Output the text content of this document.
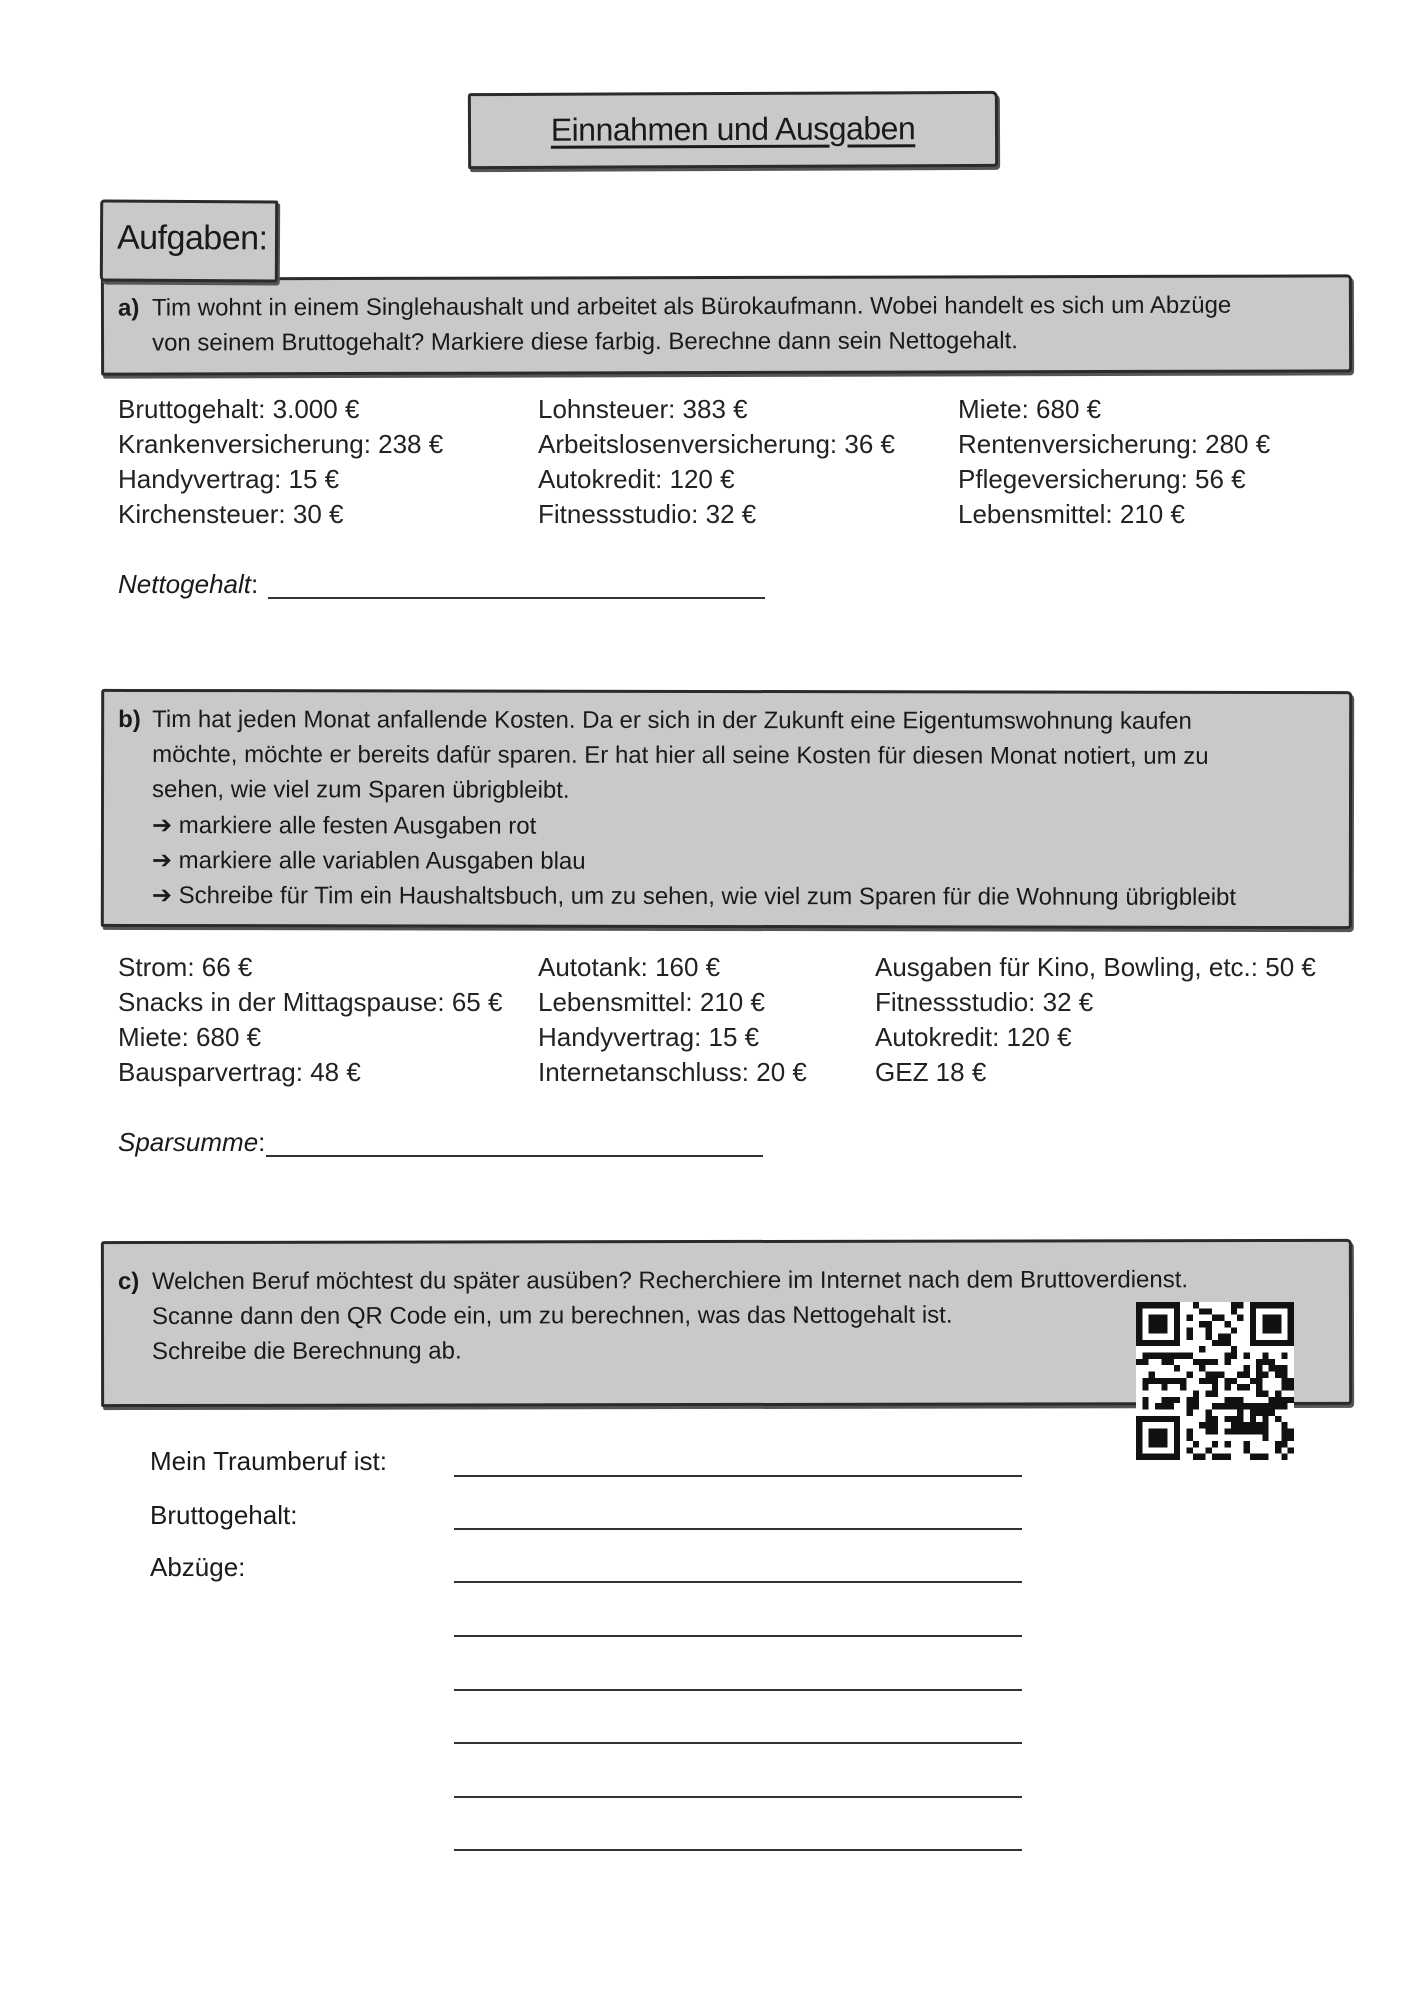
Einnahmen und Ausgaben
Aufgaben:
a) Tim wohnt in einem Singlehaushalt und arbeitet als Bürokaufmann. Wobei handelt es sich um Abzüge
von seinem Bruttogehalt? Markiere diese farbig. Berechne dann sein Nettogehalt.
Bruttogehalt: 3.000 €	Lohnsteuer: 383 €	Miete: 680 €
Krankenversicherung: 238 €	Arbeitslosenversicherung: 36 € Rentenversicherung: 280 €
Handyvertrag: 15 €	Autokredit: 120 €	Pflegeversicherung: 56 €
Kirchensteuer: 30 €	Fitnessstudio: 32 €	Lebensmittel: 210 €
Nettogehalt:
b) Tim hat jeden Monat anfallende Kosten. Da er sich in der Zukunft eine Eigentumswohnung kaufen
möchte, möchte er bereits dafür sparen. Er hat hier all seine Kosten für diesen Monat notiert, um zu
sehen, wie viel zum Sparen übrigbleibt.
➔ markiere alle festen Ausgaben rot
➔ markiere alle variablen Ausgaben blau
➔ Schreibe für Tim ein Haushaltsbuch, um zu sehen, wie viel zum Sparen für die Wohnung übrigbleibt
Strom: 66 €	Autotank: 160 €	Ausgaben für Kino, Bowling, etc.: 50 €
Snacks in der Mittagspause: 65 € Lebensmittel: 210 €	Fitnessstudio: 32 €
Miete: 680 €	Handyvertrag: 15 €	Autokredit: 120 €
Bausparvertrag: 48 €	Internetanschluss: 20 €	GEZ 18 €
Sparsumme:
c) Welchen Beruf möchtest du später ausüben? Recherchiere im Internet nach dem Bruttoverdienst.
Scanne dann den QR Code ein, um zu berechnen, was das Nettogehalt ist.
Schreibe die Berechnung ab.
Mein Traumberuf ist:
Bruttogehalt:
Abzüge:
